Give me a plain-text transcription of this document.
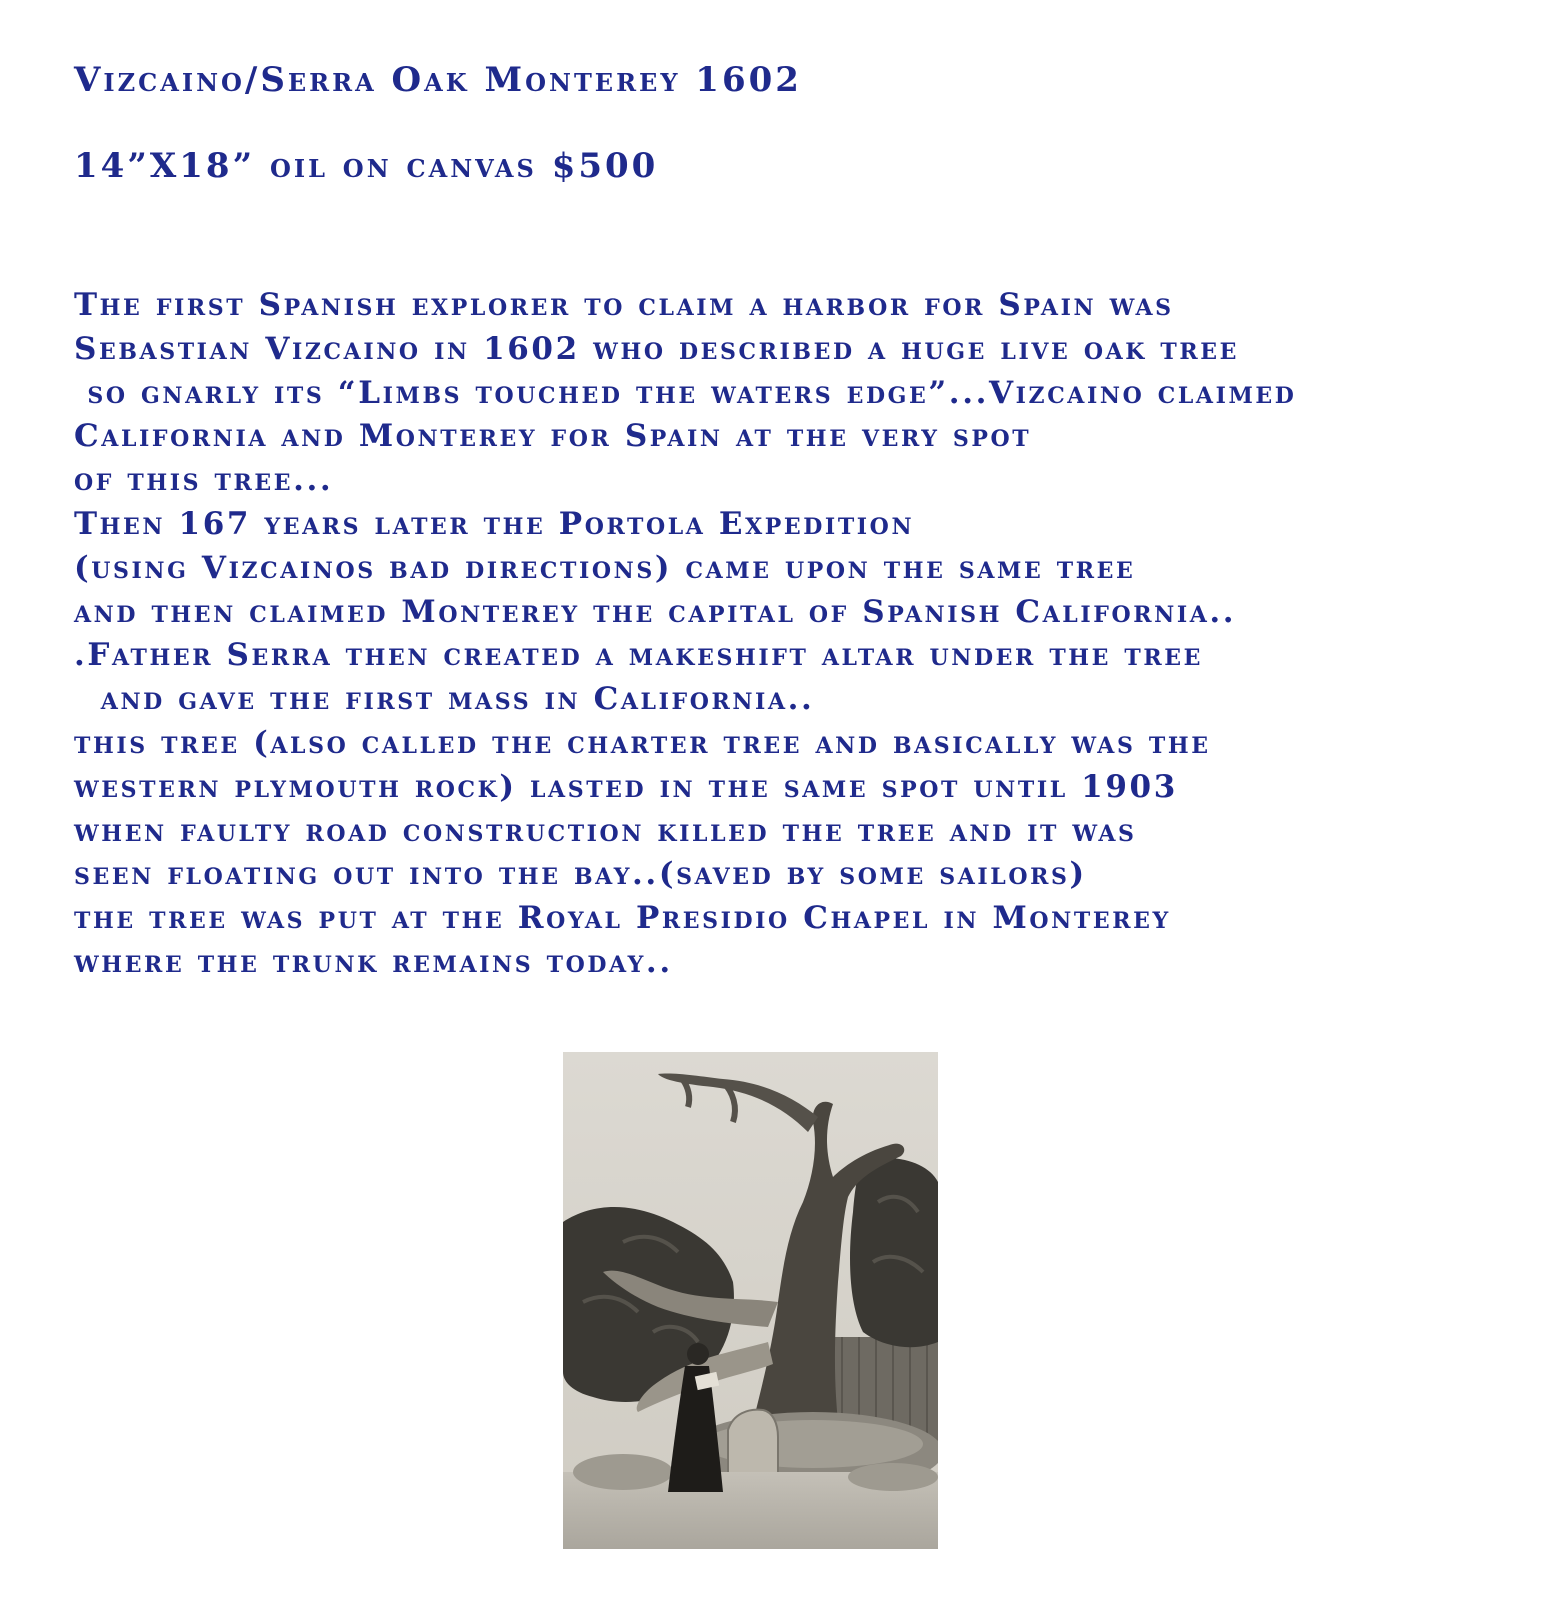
Vizcaino/Serra Oak Monterey 1602
14”X18” oil on canvas $500
The first Spanish explorer to claim a harbor for Spain was
Sebastian Vizcaino in 1602 who described a huge live oak tree
so gnarly its “Limbs touched the waters edge”...Vizcaino claimed
California and Monterey for Spain at the very spot
of this tree...
Then 167 years later the Portola Expedition
(using Vizcainos bad directions) came upon the same tree
and then claimed Monterey the capital of Spanish California..
.Father Serra then created a makeshift altar under the tree
and gave the first mass in California..
this tree (also called the charter tree and basically was the
western plymouth rock) lasted in the same spot until 1903
when faulty road construction killed the tree and it was
seen floating out into the bay..(saved by some sailors)
the tree was put at the Royal Presidio Chapel in Monterey
where the trunk remains today..
